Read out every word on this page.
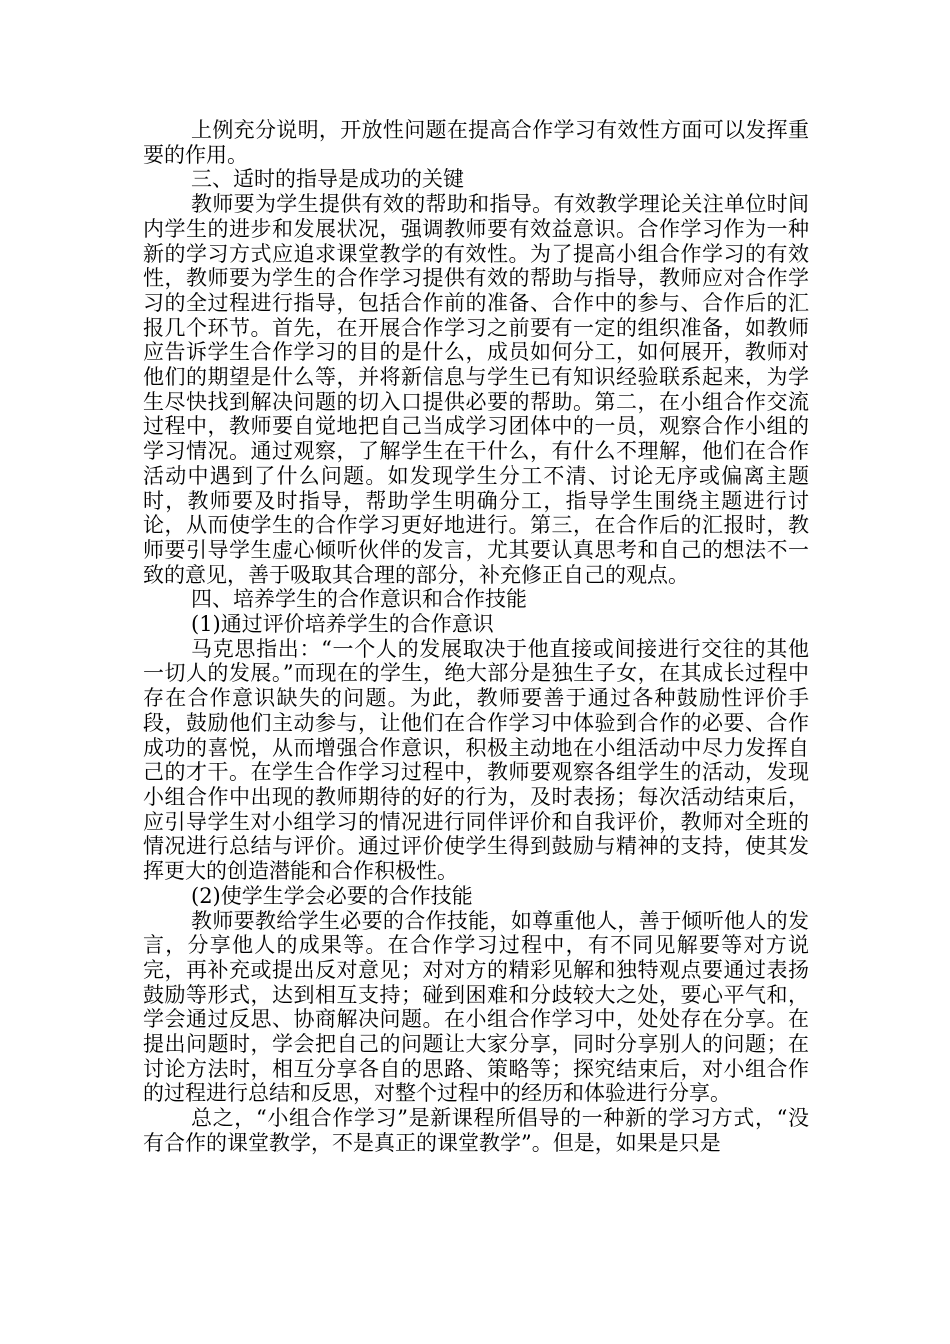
上例充分说明，开放性问题在提高合作学习有效性方面可以发挥重要的作用。

三、适时的指导是成功的关键

教师要为学生提供有效的帮助和指导。有效教学理论关注单位时间内学生的进步和发展状况，强调教师要有效益意识。合作学习作为一种新的学习方式应追求课堂教学的有效性。为了提高小组合作学习的有效性，教师要为学生的合作学习提供有效的帮助与指导，教师应对合作学习的全过程进行指导，包括合作前的准备、合作中的参与、合作后的汇报几个环节。首先，在开展合作学习之前要有一定的组织准备，如教师应告诉学生合作学习的目的是什么，成员如何分工，如何展开，教师对他们的期望是什么等，并将新信息与学生已有知识经验联系起来，为学生尽快找到解决问题的切入口提供必要的帮助。第二，在小组合作交流过程中，教师要自觉地把自己当成学习团体中的一员，观察合作小组的学习情况。通过观察，了解学生在干什么，有什么不理解，他们在合作活动中遇到了什么问题。如发现学生分工不清、讨论无序或偏离主题时，教师要及时指导，帮助学生明确分工，指导学生围绕主题进行讨论，从而使学生的合作学习更好地进行。第三，在合作后的汇报时，教师要引导学生虚心倾听伙伴的发言，尤其要认真思考和自己的想法不一致的意见，善于吸取其合理的部分，补充修正自己的观点。

四、培养学生的合作意识和合作技能
(1)通过评价培养学生的合作意识

马克思指出：“一个人的发展取决于他直接或间接进行交往的其他一切人的发展。”而现在的学生，绝大部分是独生子女，在其成长过程中存在合作意识缺失的问题。为此，教师要善于通过各种鼓励性评价手段，鼓励他们主动参与，让他们在合作学习中体验到合作的必要、合作成功的喜悦，从而增强合作意识，积极主动地在小组活动中尽力发挥自己的才干。在学生合作学习过程中，教师要观察各组学生的活动，发现小组合作中出现的教师期待的好的行为，及时表扬；每次活动结束后，应引导学生对小组学习的情况进行同伴评价和自我评价，教师对全班的情况进行总结与评价。通过评价使学生得到鼓励与精神的支持，使其发挥更大的创造潜能和合作积极性。

(2)使学生学会必要的合作技能

教师要教给学生必要的合作技能，如尊重他人，善于倾听他人的发言，分享他人的成果等。在合作学习过程中，有不同见解要等对方说完，再补充或提出反对意见；对对方的精彩见解和独特观点要通过表扬鼓励等形式，达到相互支持；碰到困难和分歧较大之处，要心平气和，学会通过反思、协商解决问题。在小组合作学习中，处处存在分享。在提出问题时，学会把自己的问题让大家分享，同时分享别人的问题；在讨论方法时，相互分享各自的思路、策略等；探究结束后，对小组合作的过程进行总结和反思，对整个过程中的经历和体验进行分享。

总之，“小组合作学习”是新课程所倡导的一种新的学习方式，“没有合作的课堂教学，不是真正的课堂教学”。但是，如果是只是
